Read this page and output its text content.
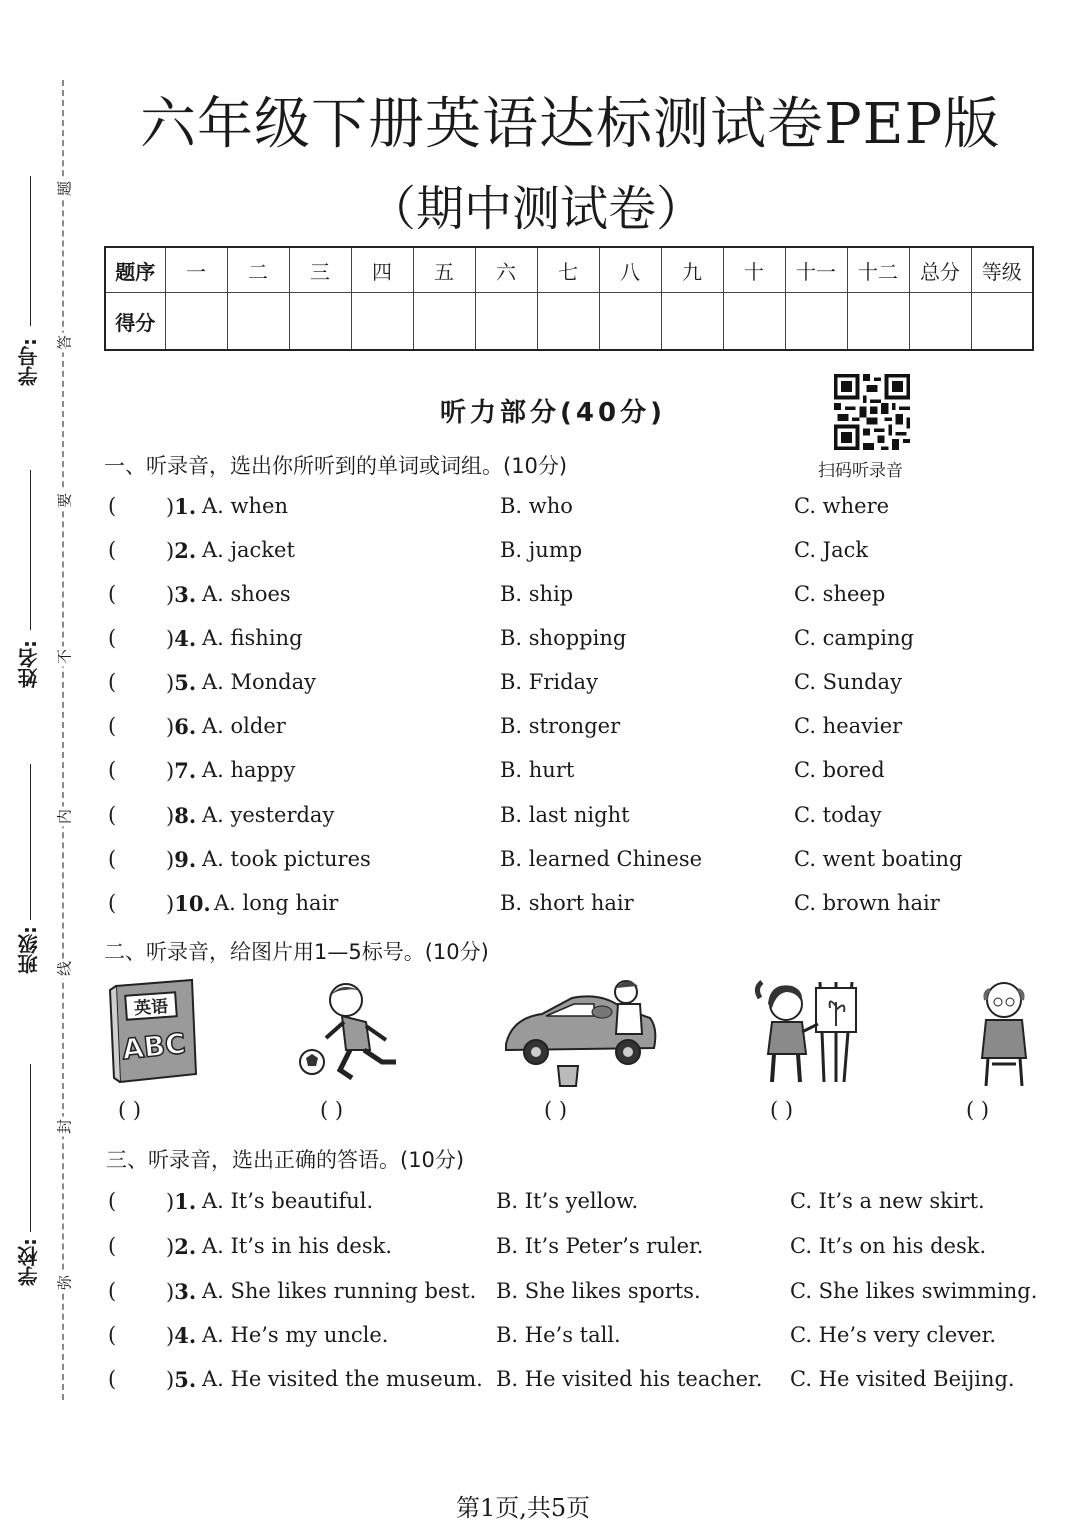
学号:
姓名:
班级:
学校:
题
答
要
不
内
线
封
弥
六年级下册英语达标测试卷PEP版
（期中测试卷）
题序	一	二	三	四	五	六	七	八	九	十	十一	十二	总分	等级
得分														
听力部分(40分)
扫码听录音
一、听录音，选出你所听到的单词或词组。(10分)
( )1. A. when	B. who	C. where
( )2. A. jacket	B. jump	C. Jack
( )3. A. shoes	B. ship	C. sheep
( )4. A. fishing	B. shopping	C. camping
( )5. A. Monday	B. Friday	C. Sunday
( )6. A. older	B. stronger	C. heavier
( )7. A. happy	B. hurt	C. bored
( )8. A. yesterday	B. last night	C. today
( )9. A. took pictures	B. learned Chinese	C. went boating
( )10. A. long hair	B. short hair	C. brown hair
二、听录音，给图片用1—5标号。(10分)
英语
ABC
( )	( )	( )	( )	( )
三、听录音，选出正确的答语。(10分)
( )1. A. It’s beautiful.	B. It’s yellow.	C. It’s a new skirt.
( )2. A. It’s in his desk.	B. It’s Peter’s ruler.	C. It’s on his desk.
( )3. A. She likes running best. B. She likes sports.	C. She likes swimming.
( )4. A. He’s my uncle.	B. He’s tall.	C. He’s very clever.
( )5. A. He visited the museum. B. He visited his teacher. C. He visited Beijing.
第1页,共5页
